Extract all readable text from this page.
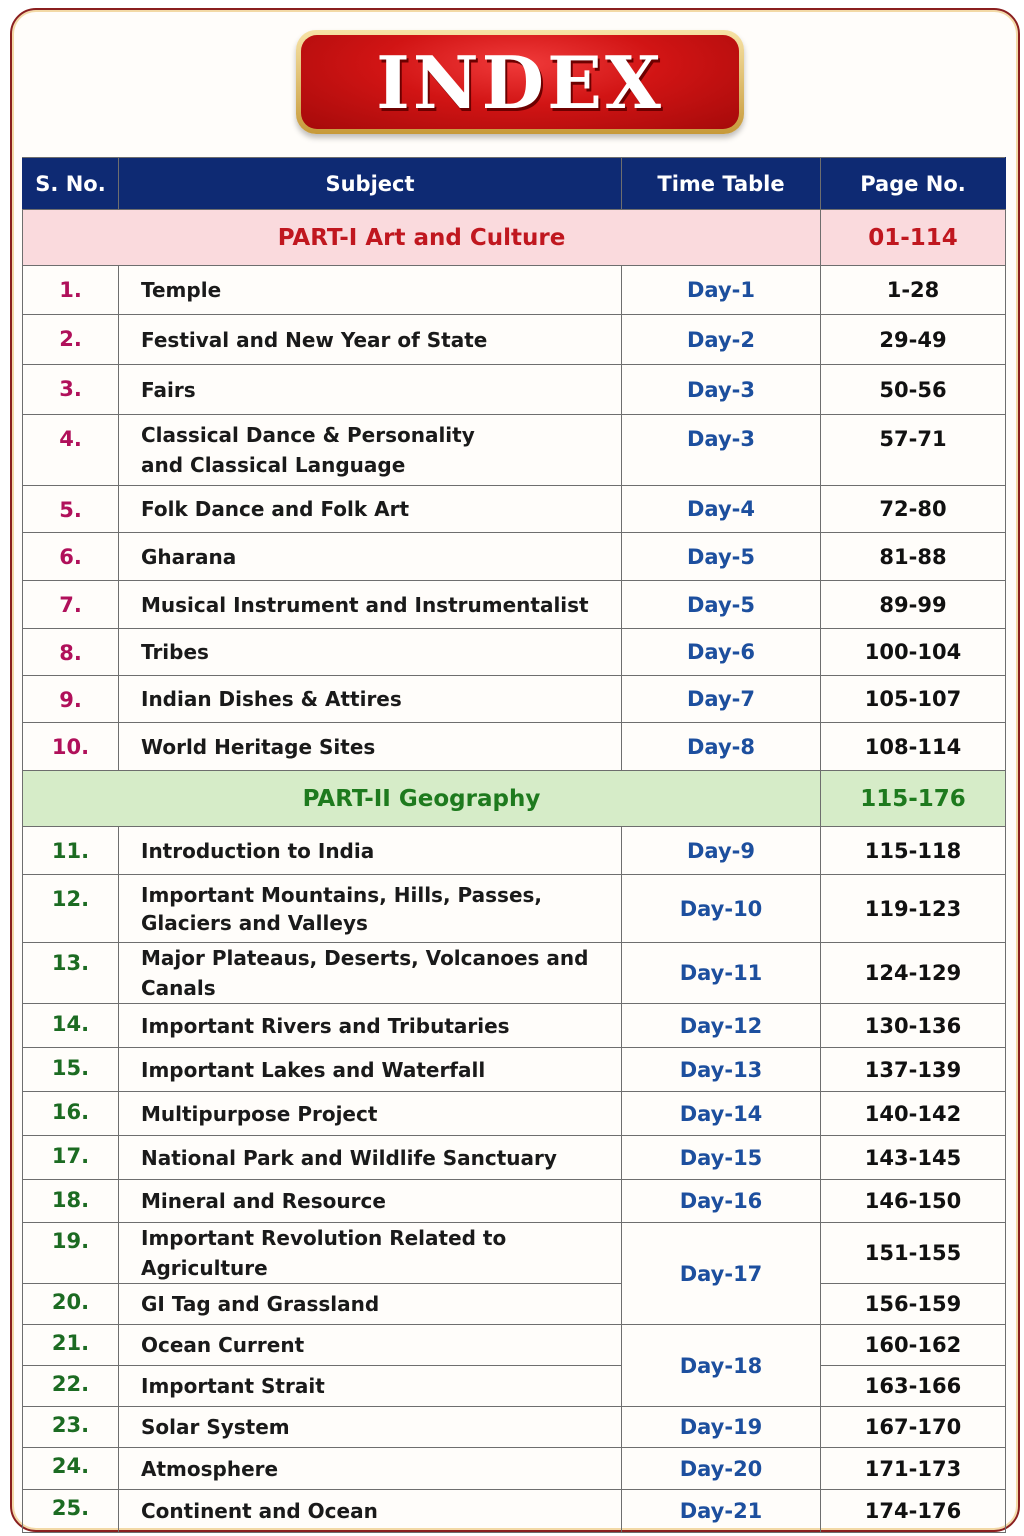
INDEX
S. No.	Subject	Time Table	Page No.
PART-I Art and Culture			01-114
1.	Temple	Day-1	1-28
2.	Festival and New Year of State	Day-2	29-49
3.	Fairs	Day-3	50-56
4.	Classical Dance & Personality
and Classical Language	Day-3	57-71
5.	Folk Dance and Folk Art	Day-4	72-80
6.	Gharana	Day-5	81-88
7.	Musical Instrument and Instrumentalist	Day-5	89-99
8.	Tribes	Day-6	100-104
9.	Indian Dishes & Attires	Day-7	105-107
10.	World Heritage Sites	Day-8	108-114
PART-II Geography			115-176
11.	Introduction to India	Day-9	115-118
12.	Important Mountains, Hills, Passes,
Glaciers and Valleys	Day-10	119-123
13.	Major Plateaus, Deserts, Volcanoes and Canals	Day-11	124-129
14.	Important Rivers and Tributaries	Day-12	130-136
15.	Important Lakes and Waterfall	Day-13	137-139
16.	Multipurpose Project	Day-14	140-142
17.	National Park and Wildlife Sanctuary	Day-15	143-145
18.	Mineral and Resource	Day-16	146-150
19.	Important Revolution Related to Agriculture	Day-17	151-155
20.	GI Tag and Grassland		156-159
21.	Ocean Current	Day-18	160-162
22.	Important Strait		163-166
23.	Solar System	Day-19	167-170
24.	Atmosphere	Day-20	171-173
25.	Continent and Ocean	Day-21	174-176
